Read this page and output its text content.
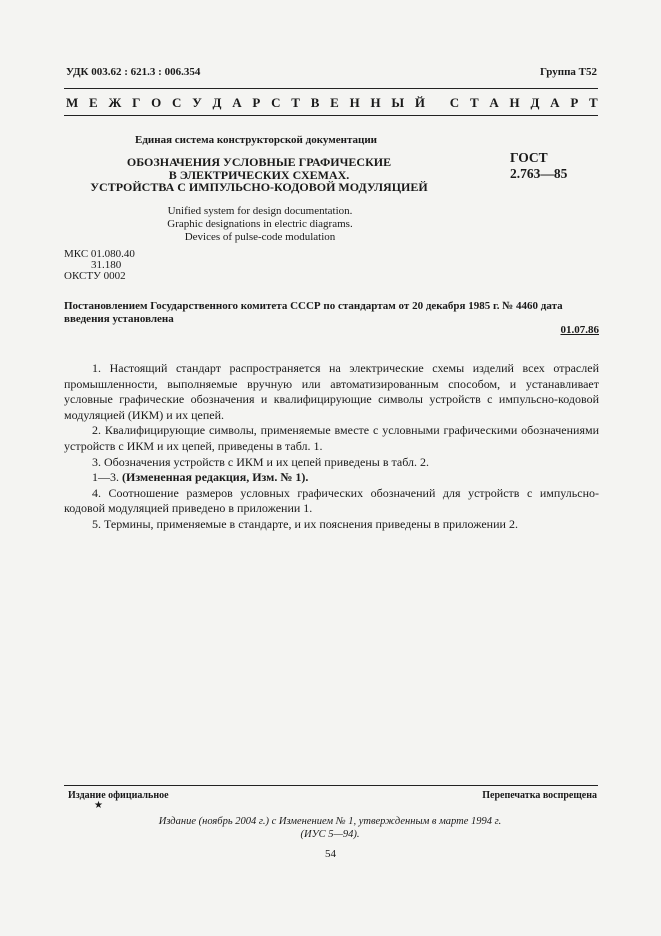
УДК 003.62 : 621.3 : 006.354	Группа Т52
М Е Ж Г О С У Д А Р С Т В Е Н Н Ы Й
С Т А Н Д А Р Т
Единая система конструкторской документации
ОБОЗНАЧЕНИЯ УСЛОВНЫЕ ГРАФИЧЕСКИЕ
В ЭЛЕКТРИЧЕСКИХ СХЕМАХ.
УСТРОЙСТВА С ИМПУЛЬСНО-КОДОВОЙ МОДУЛЯЦИЕЙ
ГОСТ
2.763—85
Unified system for design documentation.
Graphic designations in electric diagrams.
Devices of pulse-code modulation
МКС 01.080.40
31.180
ОКСТУ 0002
Постановлением Государственного комитета СССР по стандартам от 20 декабря 1985 г. № 4460 дата введения установлена
01.07.86

1. Настоящий стандарт распространяется на электрические схемы изделий всех отраслей промышленности, выполняемые вручную или автоматизированным способом, и устанавливает условные графические обозначения и квалифицирующие символы устройств с импульсно-кодовой модуляцией (ИКМ) и их цепей.

2. Квалифицирующие символы, применяемые вместе с условными графическими обозначениями устройств с ИКМ и их цепей, приведены в табл. 1.

3. Обозначения устройств с ИКМ и их цепей приведены в табл. 2.

1—3. (Измененная редакция, Изм. № 1).

4. Соотношение размеров условных графических обозначений для устройств с импульсно-кодовой модуляцией приведено в приложении 1.

5. Термины, применяемые в стандарте, и их пояснения приведены в приложении 2.

Издание официальное	Перепечатка воспрещена
★
Издание (ноябрь 2004 г.) с Изменением № 1, утвержденным в марте 1994 г.
(ИУС 5—94).
54
